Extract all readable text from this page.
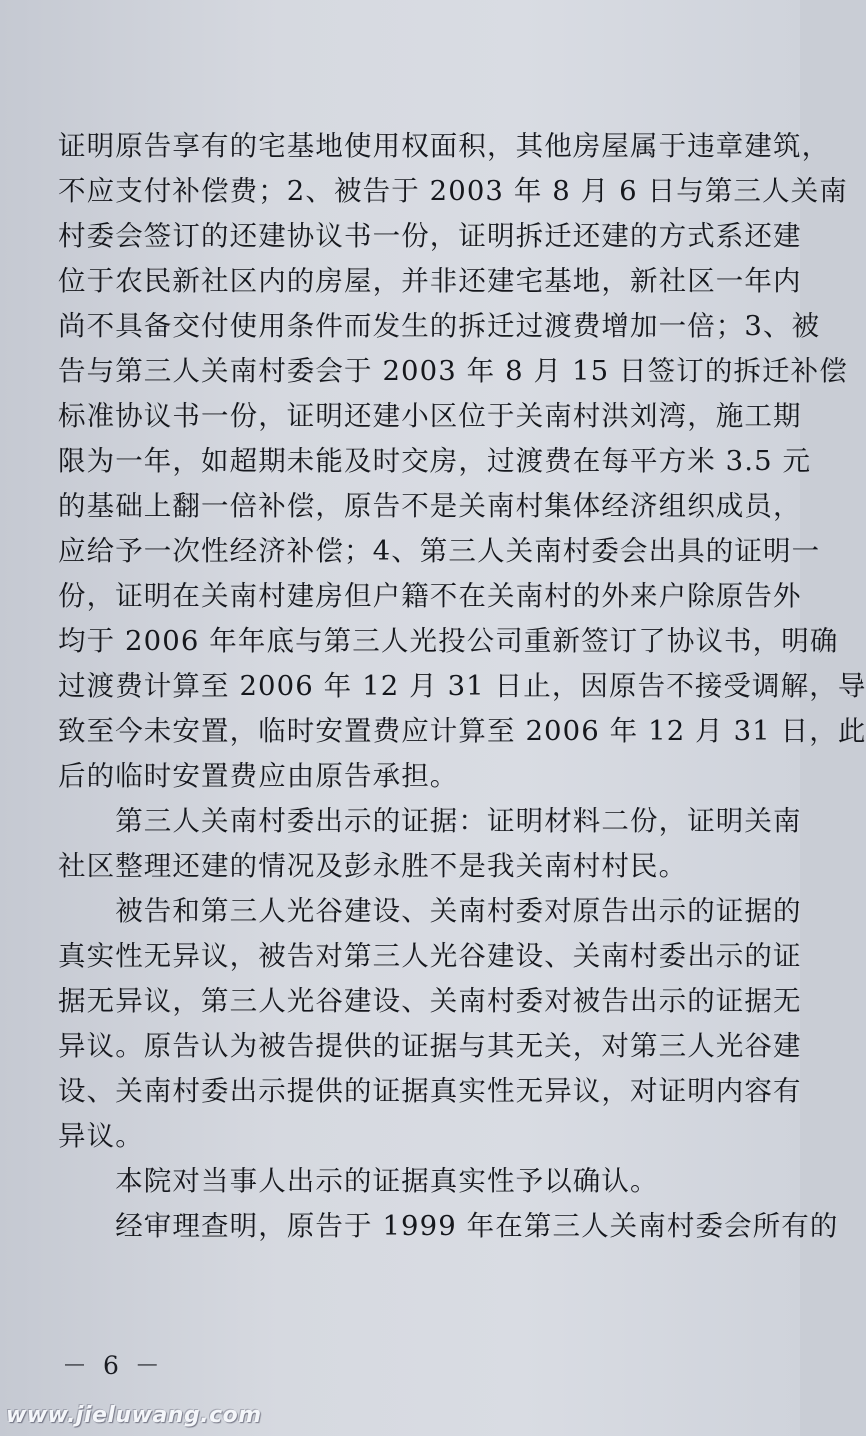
证明原告享有的宅基地使用权面积，其他房屋属于违章建筑，
不应支付补偿费；2、被告于 2003 年 8 月 6 日与第三人关南
村委会签订的还建协议书一份，证明拆迁还建的方式系还建
位于农民新社区内的房屋，并非还建宅基地，新社区一年内
尚不具备交付使用条件而发生的拆迁过渡费增加一倍；3、被
告与第三人关南村委会于 2003 年 8 月 15 日签订的拆迁补偿
标准协议书一份，证明还建小区位于关南村洪刘湾，施工期
限为一年，如超期未能及时交房，过渡费在每平方米 3.5 元
的基础上翻一倍补偿，原告不是关南村集体经济组织成员，
应给予一次性经济补偿；4、第三人关南村委会出具的证明一
份，证明在关南村建房但户籍不在关南村的外来户除原告外
均于 2006 年年底与第三人光投公司重新签订了协议书，明确
过渡费计算至 2006 年 12 月 31 日止，因原告不接受调解，导
致至今未安置，临时安置费应计算至 2006 年 12 月 31 日，此
后的临时安置费应由原告承担。
　　第三人关南村委出示的证据：证明材料二份，证明关南
社区整理还建的情况及彭永胜不是我关南村村民。
　　被告和第三人光谷建设、关南村委对原告出示的证据的
真实性无异议，被告对第三人光谷建设、关南村委出示的证
据无异议，第三人光谷建设、关南村委对被告出示的证据无
异议。原告认为被告提供的证据与其无关，对第三人光谷建
设、关南村委出示提供的证据真实性无异议，对证明内容有
异议。
　　本院对当事人出示的证据真实性予以确认。
　　经审理查明，原告于 1999 年在第三人关南村委会所有的
－ 6 －
www.jieluwang.com
